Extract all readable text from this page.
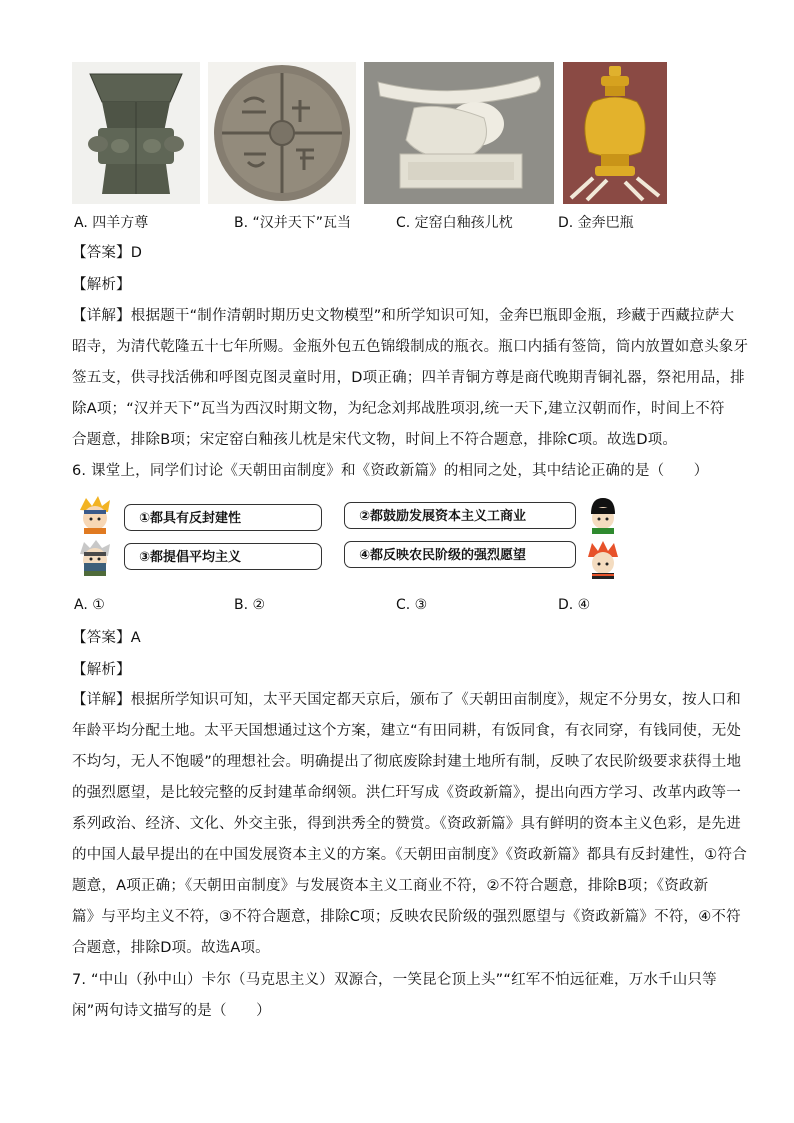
A. 四羊方尊	B. “汉并天下”瓦当	C. 定窑白釉孩儿枕	D. 金奔巴瓶
【答案】D
【解析】
【详解】根据题干“制作清朝时期历史文物模型”和所学知识可知，金奔巴瓶即金瓶，珍藏于西藏拉萨大
昭寺，为清代乾隆五十七年所赐。金瓶外包五色锦缎制成的瓶衣。瓶口内插有签筒，筒内放置如意头象牙
签五支，供寻找活佛和呼图克图灵童时用，D项正确；四羊青铜方尊是商代晚期青铜礼器，祭祀用品，排
除A项；“汉并天下”瓦当为西汉时期文物，为纪念刘邦战胜项羽,统一天下,建立汉朝而作，时间上不符
合题意，排除B项；宋定窑白釉孩儿枕是宋代文物，时间上不符合题意，排除C项。故选D项。
6. 课堂上，同学们讨论《天朝田亩制度》和《资政新篇》的相同之处，其中结论正确的是（　　）
①都具有反封建性
③都提倡平均主义
②都鼓励发展资本主义工商业
④都反映农民阶级的强烈愿望
A. ①	B. ②	C. ③	D. ④
【答案】A
【解析】
【详解】根据所学知识可知，太平天国定都天京后，颁布了《天朝田亩制度》，规定不分男女，按人口和
年龄平均分配土地。太平天国想通过这个方案，建立“有田同耕，有饭同食，有衣同穿，有钱同使，无处
不均匀，无人不饱暖”的理想社会。明确提出了彻底废除封建土地所有制，反映了农民阶级要求获得土地
的强烈愿望，是比较完整的反封建革命纲领。洪仁玕写成《资政新篇》，提出向西方学习、改革内政等一
系列政治、经济、文化、外交主张，得到洪秀全的赞赏。《资政新篇》具有鲜明的资本主义色彩，是先进
的中国人最早提出的在中国发展资本主义的方案。《天朝田亩制度》《资政新篇》都具有反封建性，①符合
题意，A项正确；《天朝田亩制度》与发展资本主义工商业不符，②不符合题意，排除B项；《资政新
篇》与平均主义不符，③不符合题意，排除C项；反映农民阶级的强烈愿望与《资政新篇》不符，④不符
合题意，排除D项。故选A项。
7. “中山（孙中山）卡尔（马克思主义）双源合，一笑昆仑顶上头”“红军不怕远征难，万水千山只等
闲”两句诗文描写的是（　　）
